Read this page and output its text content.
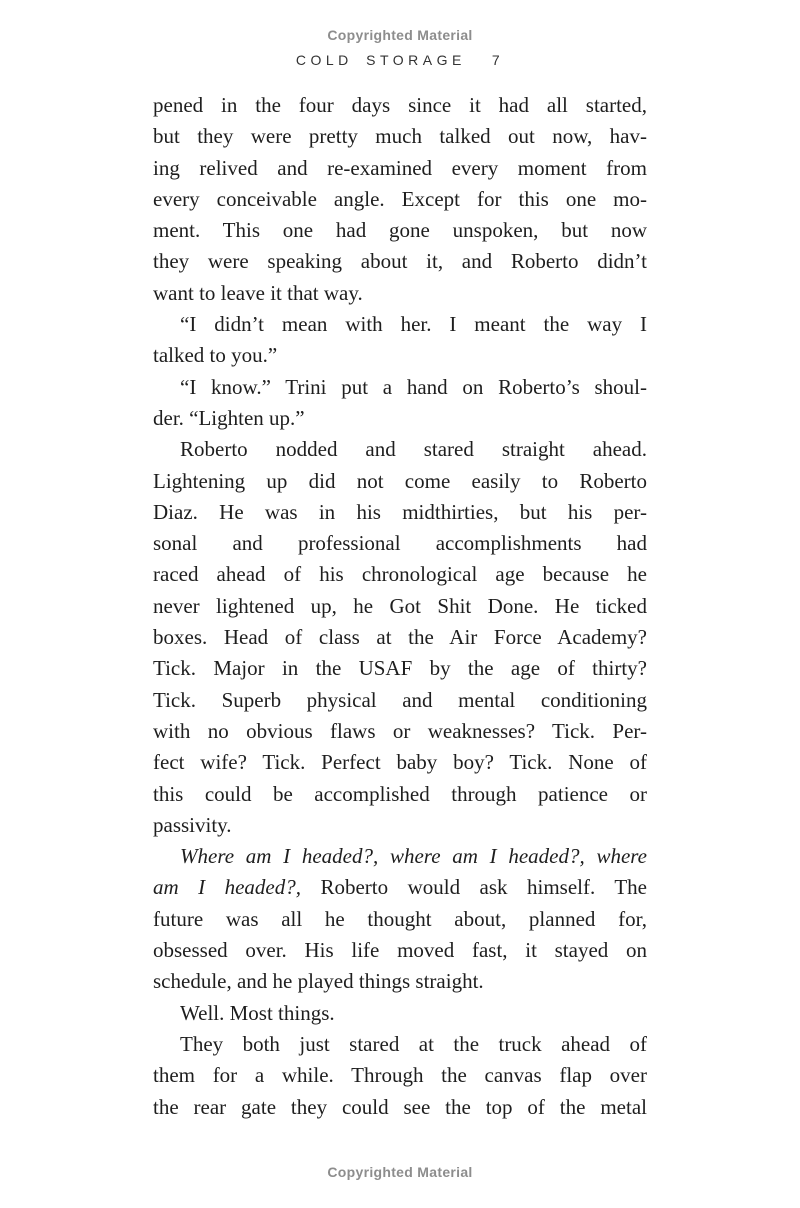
Copyrighted Material
COLD STORAGE 7
pened in the four days since it had all started,
but they were pretty much talked out now, hav-
ing relived and re-examined every moment from
every conceivable angle. Except for this one mo-
ment. This one had gone unspoken, but now
they were speaking about it, and Roberto didn’t
want to leave it that way.
“I didn’t mean with her. I meant the way I
talked to you.”
“I know.” Trini put a hand on Roberto’s shoul-
der. “Lighten up.”
Roberto nodded and stared straight ahead.
Lightening up did not come easily to Roberto
Diaz. He was in his midthirties, but his per-
sonal and professional accomplishments had
raced ahead of his chronological age because he
never lightened up, he Got Shit Done. He ticked
boxes. Head of class at the Air Force Academy?
Tick. Major in the USAF by the age of thirty?
Tick. Superb physical and mental conditioning
with no obvious flaws or weaknesses? Tick. Per-
fect wife? Tick. Perfect baby boy? Tick. None of
this could be accomplished through patience or
passivity.
Where am I headed?, where am I headed?, where
am I headed?, Roberto would ask himself. The
future was all he thought about, planned for,
obsessed over. His life moved fast, it stayed on
schedule, and he played things straight.
Well. Most things.
They both just stared at the truck ahead of
them for a while. Through the canvas flap over
the rear gate they could see the top of the metal
Copyrighted Material
